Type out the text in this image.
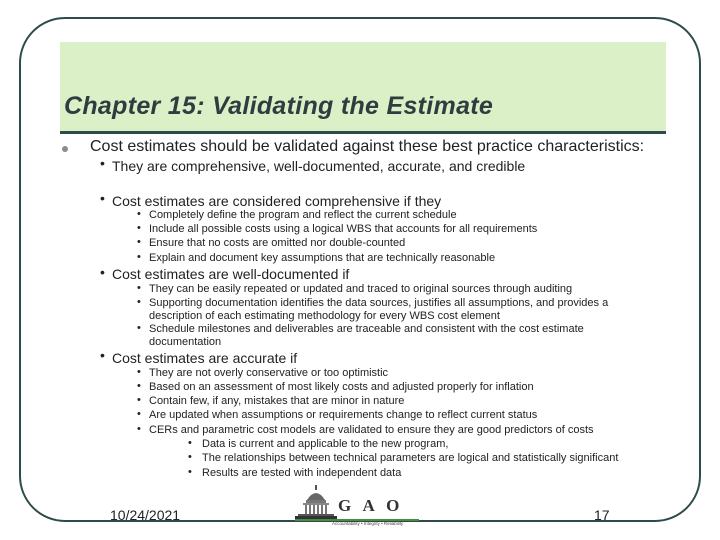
Chapter 15: Validating the Estimate
Cost estimates should be validated against these best practice characteristics:
• They are comprehensive, well-documented, accurate, and credible
• Cost estimates are considered comprehensive if they
• Completely define the program and reflect the current schedule
• Include all possible costs using a logical WBS that accounts for all requirements
• Ensure that no costs are omitted nor double-counted
• Explain and document key assumptions that are technically reasonable
• Cost estimates are well-documented if
• They can be easily repeated or updated and traced to original sources through auditing
• Supporting documentation identifies the data sources, justifies all assumptions, and provides a
description of each estimating methodology for every WBS cost element
• Schedule milestones and deliverables are traceable and consistent with the cost estimate
documentation
• Cost estimates are accurate if
• They are not overly conservative or too optimistic
• Based on an assessment of most likely costs and adjusted properly for inflation
• Contain few, if any, mistakes that are minor in nature
• Are updated when assumptions or requirements change to reflect current status
• CERs and parametric cost models are validated to ensure they are good predictors of costs
• Data is current and applicable to the new program,
• The relationships between technical parameters are logical and statistically significant
• Results are tested with independent data
10/24/2021	17
G A O
Accountability • Integrity • Reliability
